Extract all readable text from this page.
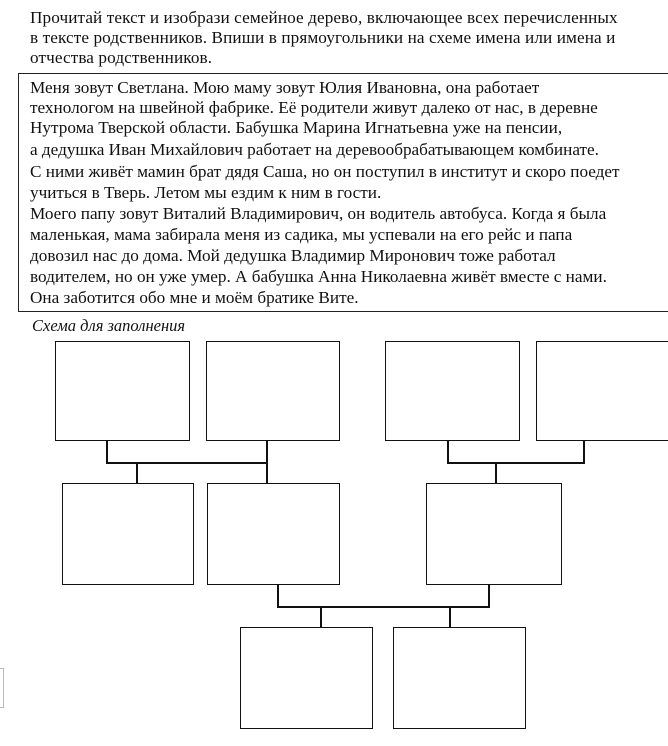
Прочитай текст и изобрази семейное дерево, включающее всех перечисленных
в тексте родственников. Впиши в прямоугольники на схеме имена или имена и
отчества родственников.
Меня зовут Светлана. Мою маму зовут Юлия Ивановна, она работает
технологом на швейной фабрике. Её родители живут далеко от нас, в деревне
Нутрома Тверской области. Бабушка Марина Игнатьевна уже на пенсии,
а дедушка Иван Михайлович работает на деревообрабатывающем комбинате.
С ними живёт мамин брат дядя Саша, но он поступил в институт и скоро поедет
учиться в Тверь. Летом мы ездим к ним в гости.
Моего папу зовут Виталий Владимирович, он водитель автобуса. Когда я была
маленькая, мама забирала меня из садика, мы успевали на его рейс и папа
довозил нас до дома. Мой дедушка Владимир Миронович тоже работал
водителем, но он уже умер. А бабушка Анна Николаевна живёт вместе с нами.
Она заботится обо мне и моём братике Вите.
Схема для заполнения
